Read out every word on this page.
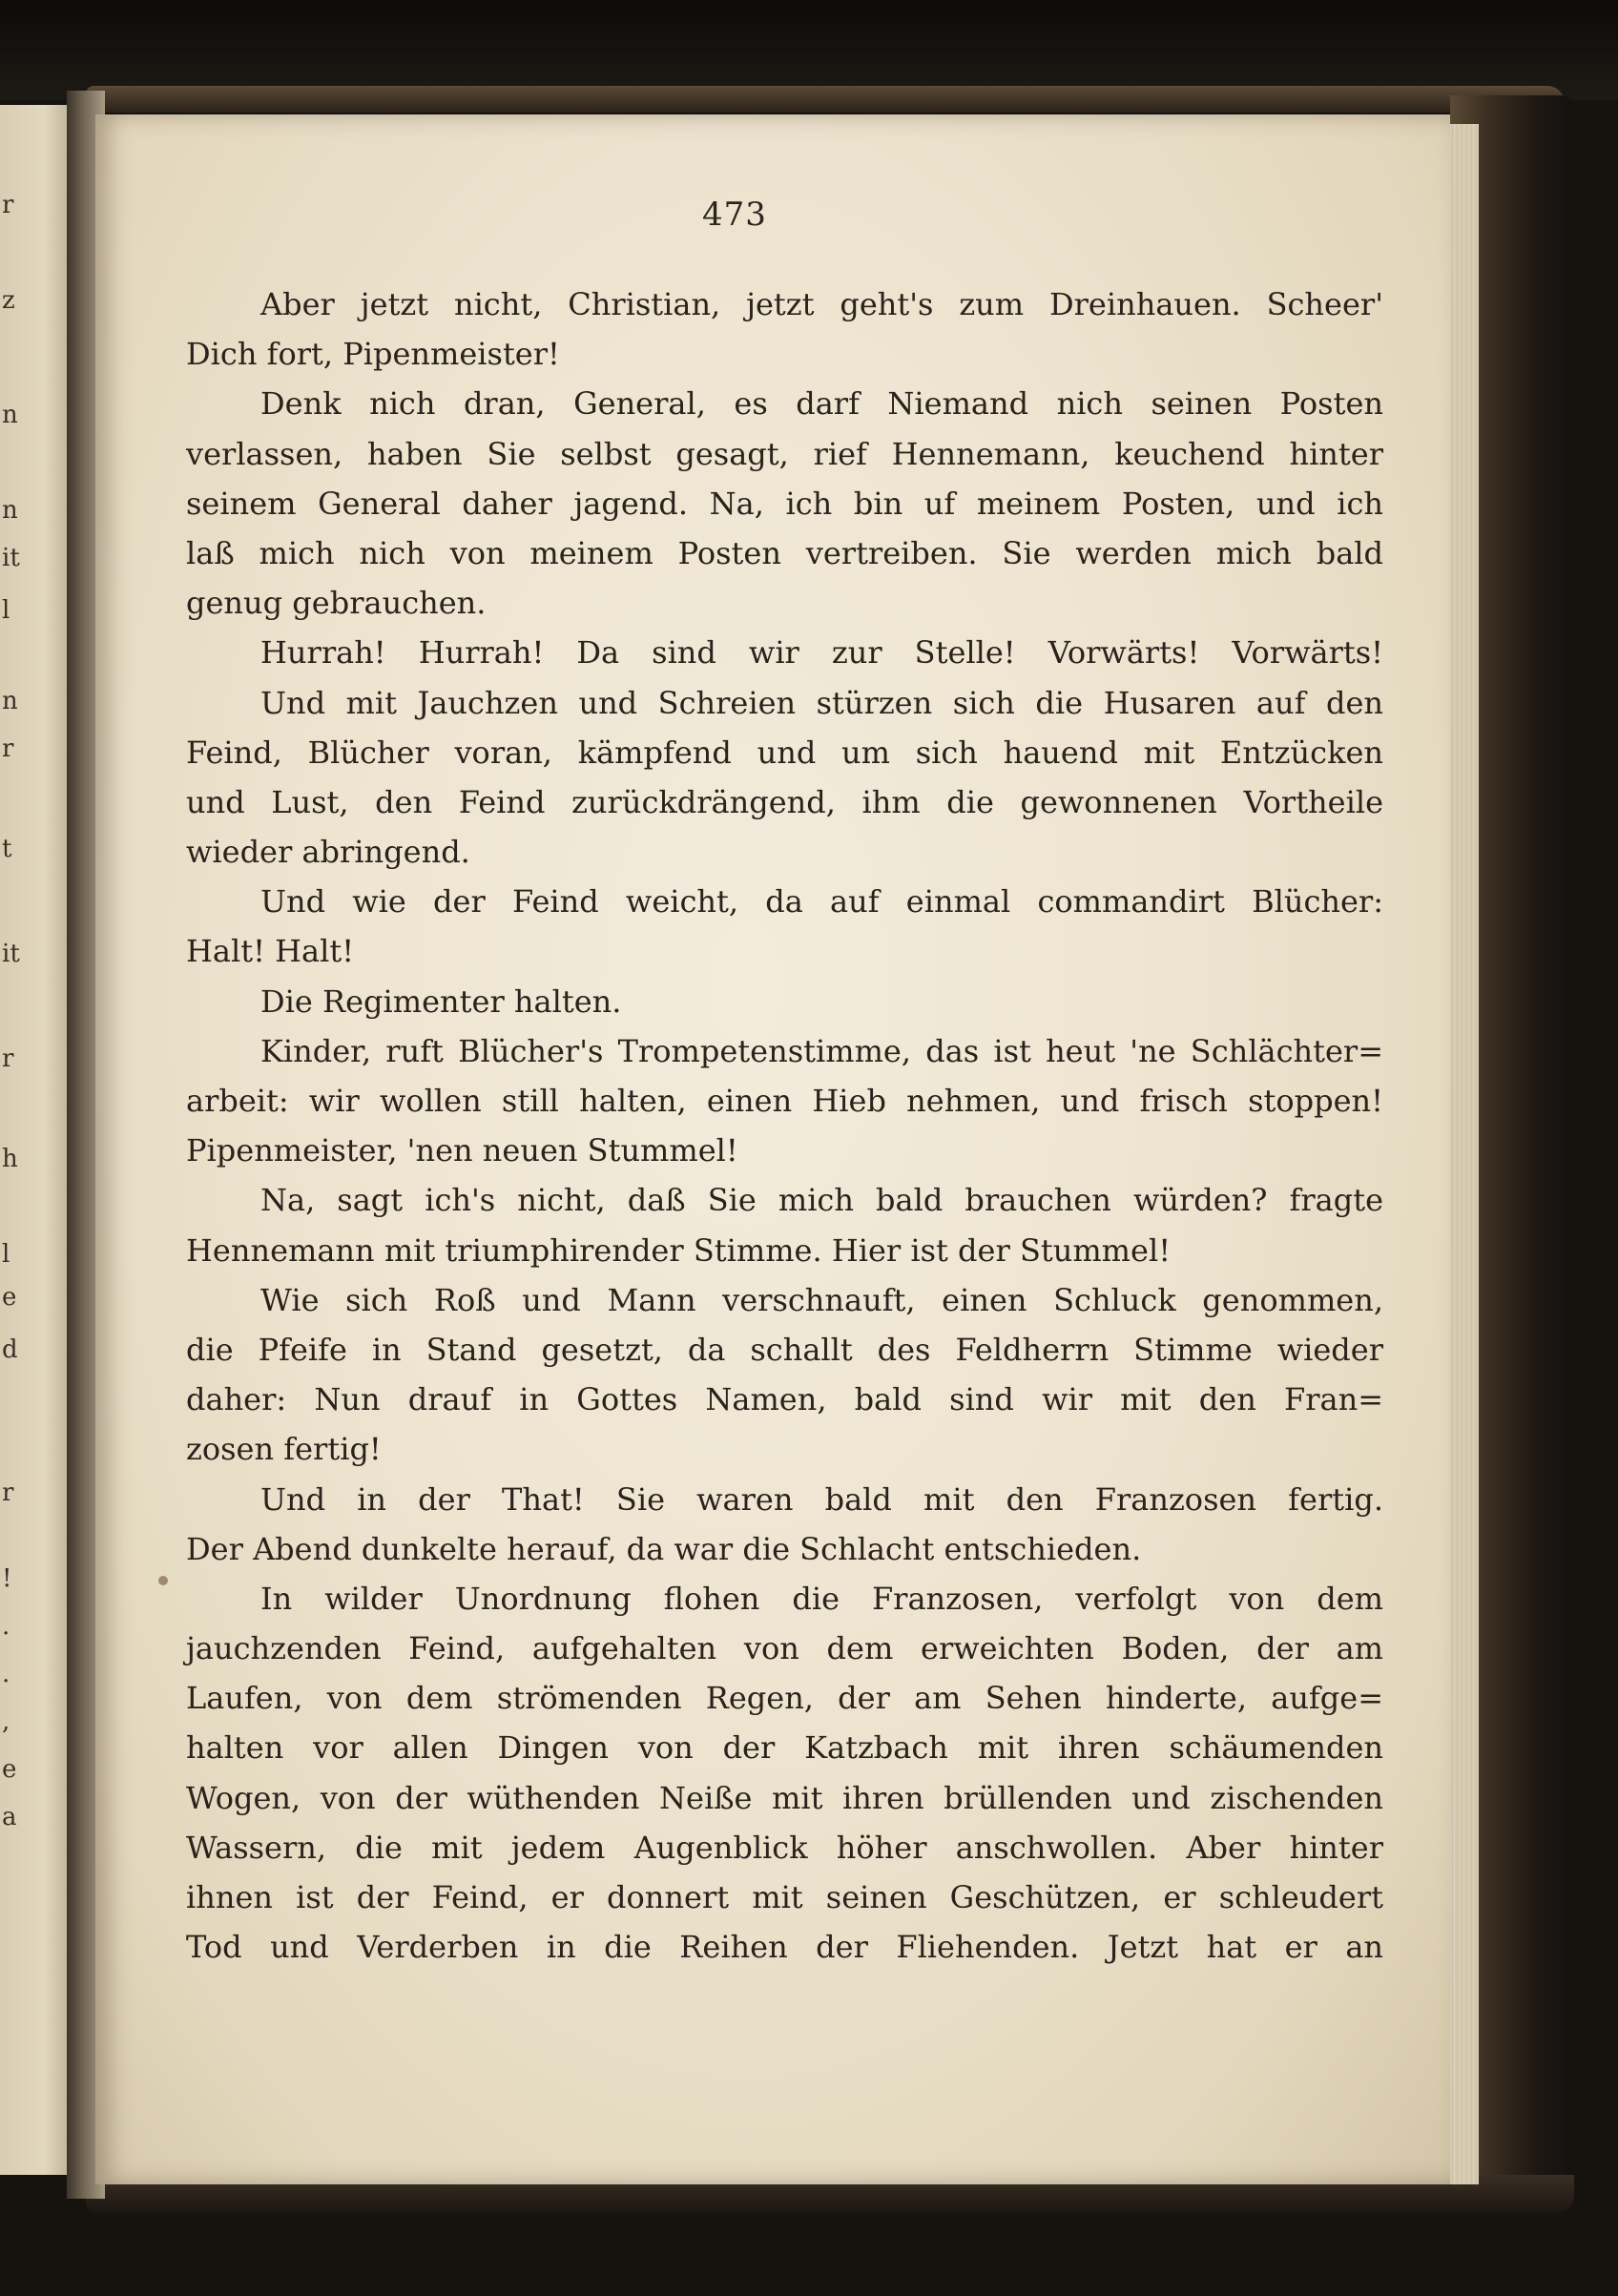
r
z
n
n
it
l
n
r
t
it
r
h
l
e
d
r
!
.
.
,
e
a
473
Aber jetzt nicht, Christian, jetzt geht's zum Dreinhauen. Scheer'
Dich fort, Pipenmeister!
Denk nich dran, General, es darf Niemand nich seinen Posten
verlassen, haben Sie selbst gesagt, rief Hennemann, keuchend hinter
seinem General daher jagend. Na, ich bin uf meinem Posten, und ich
laß mich nich von meinem Posten vertreiben. Sie werden mich bald
genug gebrauchen.
Hurrah! Hurrah! Da sind wir zur Stelle! Vorwärts! Vorwärts!
Und mit Jauchzen und Schreien stürzen sich die Husaren auf den
Feind, Blücher voran, kämpfend und um sich hauend mit Entzücken
und Lust, den Feind zurückdrängend, ihm die gewonnenen Vortheile
wieder abringend.
Und wie der Feind weicht, da auf einmal commandirt Blücher:
Halt! Halt!
Die Regimenter halten.
Kinder, ruft Blücher's Trompetenstimme, das ist heut 'ne Schlächter=
arbeit: wir wollen still halten, einen Hieb nehmen, und frisch stoppen!
Pipenmeister, 'nen neuen Stummel!
Na, sagt ich's nicht, daß Sie mich bald brauchen würden? fragte
Hennemann mit triumphirender Stimme. Hier ist der Stummel!
Wie sich Roß und Mann verschnauft, einen Schluck genommen,
die Pfeife in Stand gesetzt, da schallt des Feldherrn Stimme wieder
daher: Nun drauf in Gottes Namen, bald sind wir mit den Fran=
zosen fertig!
Und in der That! Sie waren bald mit den Franzosen fertig.
Der Abend dunkelte herauf, da war die Schlacht entschieden.
In wilder Unordnung flohen die Franzosen, verfolgt von dem
jauchzenden Feind, aufgehalten von dem erweichten Boden, der am
Laufen, von dem strömenden Regen, der am Sehen hinderte, aufge=
halten vor allen Dingen von der Katzbach mit ihren schäumenden
Wogen, von der wüthenden Neiße mit ihren brüllenden und zischenden
Wassern, die mit jedem Augenblick höher anschwollen. Aber hinter
ihnen ist der Feind, er donnert mit seinen Geschützen, er schleudert
Tod und Verderben in die Reihen der Fliehenden. Jetzt hat er an
